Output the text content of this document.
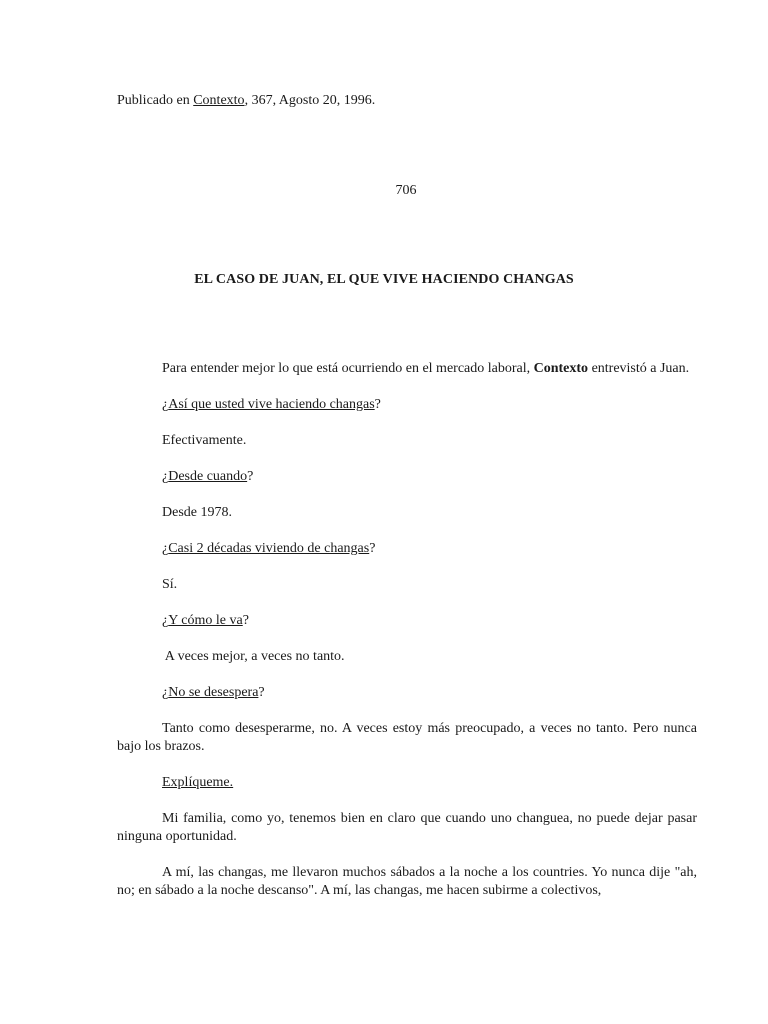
Publicado en Contexto, 367, Agosto 20, 1996.
706
EL CASO DE JUAN, EL QUE VIVE HACIENDO CHANGAS

Para entender mejor lo que está ocurriendo en el mercado laboral, Contexto entrevistó a Juan.

¿Así que usted vive haciendo changas?

Efectivamente.

¿Desde cuando?

Desde 1978.

¿Casi 2 décadas viviendo de changas?

Sí.

¿Y cómo le va?

A veces mejor, a veces no tanto.

¿No se desespera?

Tanto como desesperarme, no. A veces estoy más preocupado, a veces no tanto. Pero nunca bajo los brazos.

Explíqueme.

Mi familia, como yo, tenemos bien en claro que cuando uno changuea, no puede dejar pasar ninguna oportunidad.

A mí, las changas, me llevaron muchos sábados a la noche a los countries. Yo nunca dije "ah, no; en sábado a la noche descanso". A mí, las changas, me hacen subirme a colectivos,
